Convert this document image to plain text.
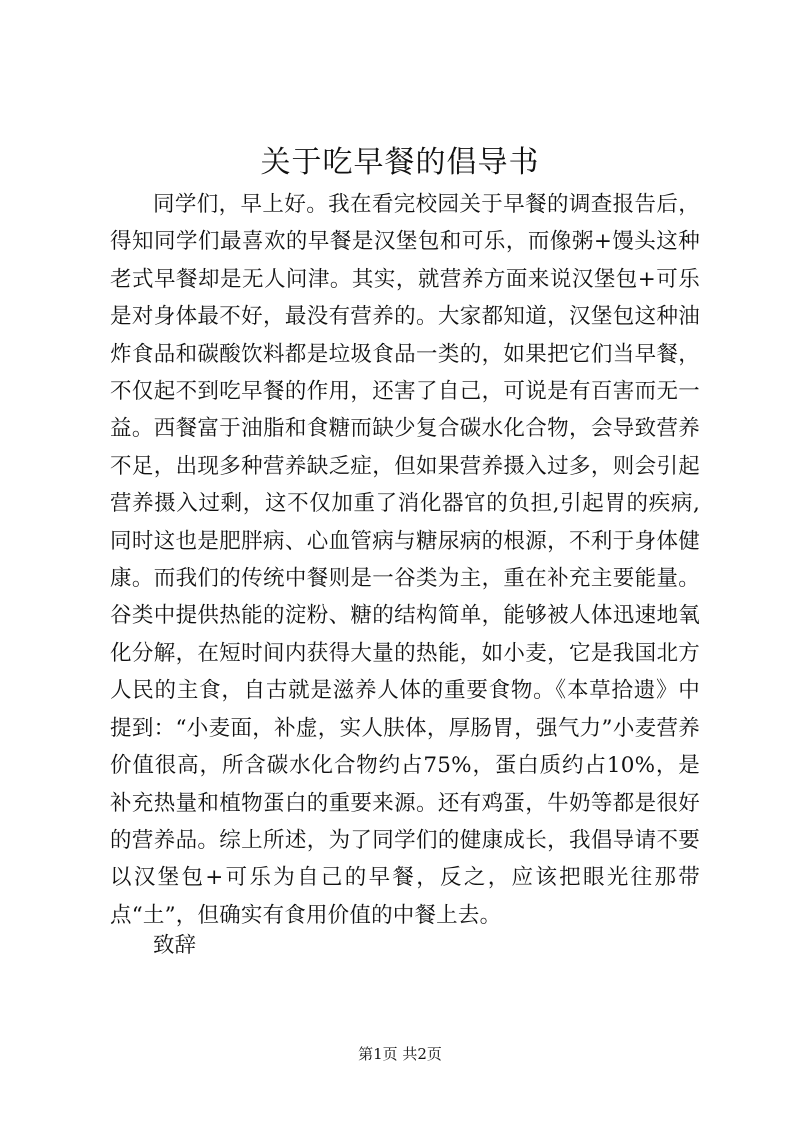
关于吃早餐的倡导书

同学们，早上好。我在看完校园关于早餐的调查报告后，得知同学们最喜欢的早餐是汉堡包和可乐，而像粥+馒头这种老式早餐却是无人问津。其实，就营养方面来说汉堡包+可乐是对身体最不好，最没有营养的。大家都知道，汉堡包这种油炸食品和碳酸饮料都是垃圾食品一类的，如果把它们当早餐，不仅起不到吃早餐的作用，还害了自己，可说是有百害而无一益。西餐富于油脂和食糖而缺少复合碳水化合物，会导致营养不足，出现多种营养缺乏症，但如果营养摄入过多，则会引起营养摄入过剩，这不仅加重了消化器官的负担,引起胃的疾病,同时这也是肥胖病、心血管病与糖尿病的根源，不利于身体健康。而我们的传统中餐则是一谷类为主，重在补充主要能量。谷类中提供热能的淀粉、糖的结构简单，能够被人体迅速地氧化分解，在短时间内获得大量的热能，如小麦，它是我国北方人民的主食，自古就是滋养人体的重要食物。《本草拾遗》中提到：“小麦面，补虚，实人肤体，厚肠胃，强气力”小麦营养价值很高，所含碳水化合物约占75%，蛋白质约占10%，是补充热量和植物蛋白的重要来源。还有鸡蛋，牛奶等都是很好的营养品。综上所述，为了同学们的健康成长，我倡导请不要以汉堡包+可乐为自己的早餐，反之，应该把眼光往那带点“土”，但确实有食用价值的中餐上去。

致辞

第1页 共2页
